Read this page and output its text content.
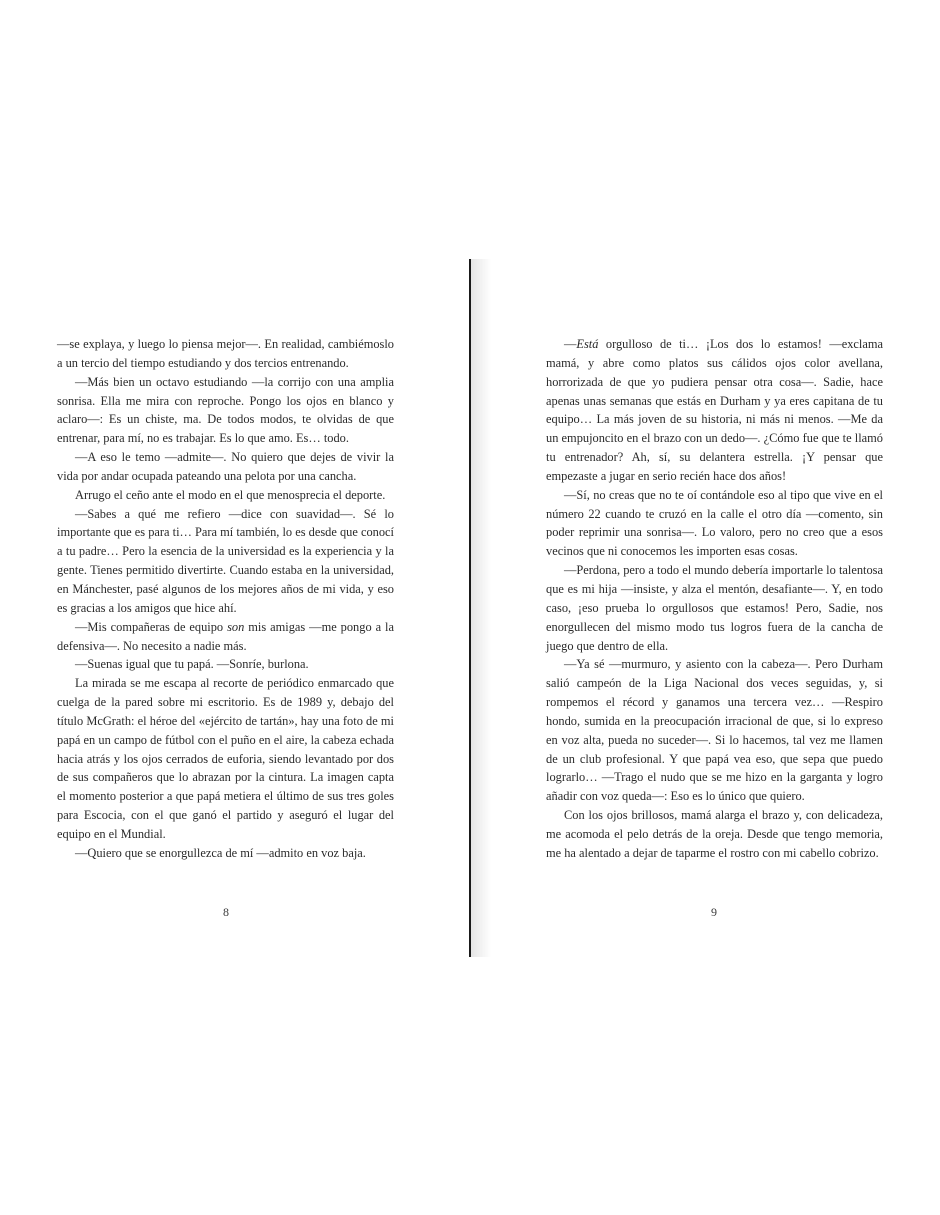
—se explaya, y luego lo piensa mejor—. En realidad, cambiémoslo a un tercio del tiempo estudiando y dos tercios entrenando.

—Más bien un octavo estudiando —la corrijo con una amplia sonrisa. Ella me mira con reproche. Pongo los ojos en blanco y aclaro—: Es un chiste, ma. De todos modos, te olvidas de que entrenar, para mí, no es trabajar. Es lo que amo. Es… todo.

—A eso le temo —admite—. No quiero que dejes de vivir la vida por andar ocupada pateando una pelota por una cancha.

Arrugo el ceño ante el modo en el que menosprecia el deporte.

—Sabes a qué me refiero —dice con suavidad—. Sé lo importante que es para ti… Para mí también, lo es desde que conocí a tu padre… Pero la esencia de la universidad es la experiencia y la gente. Tienes permitido divertirte. Cuando estaba en la universidad, en Mánchester, pasé algunos de los mejores años de mi vida, y eso es gracias a los amigos que hice ahí.

—Mis compañeras de equipo son mis amigas —me pongo a la defensiva—. No necesito a nadie más.

—Suenas igual que tu papá. —Sonríe, burlona.

La mirada se me escapa al recorte de periódico enmarcado que cuelga de la pared sobre mi escritorio. Es de 1989 y, debajo del título McGrath: el héroe del «ejército de tartán», hay una foto de mi papá en un campo de fútbol con el puño en el aire, la cabeza echada hacia atrás y los ojos cerrados de euforia, siendo levantado por dos de sus compañeros que lo abrazan por la cintura. La imagen capta el momento posterior a que papá metiera el último de sus tres goles para Escocia, con el que ganó el partido y aseguró el lugar del equipo en el Mundial.

—Quiero que se enorgullezca de mí —admito en voz baja.

—Está orgulloso de ti… ¡Los dos lo estamos! —exclama mamá, y abre como platos sus cálidos ojos color avellana, horrorizada de que yo pudiera pensar otra cosa—. Sadie, hace apenas unas semanas que estás en Durham y ya eres capitana de tu equipo… La más joven de su historia, ni más ni menos. —Me da un empujoncito en el brazo con un dedo—. ¿Cómo fue que te llamó tu entrenador? Ah, sí, su delantera estrella. ¡Y pensar que empezaste a jugar en serio recién hace dos años!

—Sí, no creas que no te oí contándole eso al tipo que vive en el número 22 cuando te cruzó en la calle el otro día —comento, sin poder reprimir una sonrisa—. Lo valoro, pero no creo que a esos vecinos que ni conocemos les importen esas cosas.

—Perdona, pero a todo el mundo debería importarle lo talentosa que es mi hija —insiste, y alza el mentón, desafiante—. Y, en todo caso, ¡eso prueba lo orgullosos que estamos! Pero, Sadie, nos enorgullecen del mismo modo tus logros fuera de la cancha de juego que dentro de ella.

—Ya sé —murmuro, y asiento con la cabeza—. Pero Durham salió campeón de la Liga Nacional dos veces seguidas, y, si rompemos el récord y ganamos una tercera vez… —Respiro hondo, sumida en la preocupación irracional de que, si lo expreso en voz alta, pueda no suceder—. Si lo hacemos, tal vez me llamen de un club profesional. Y que papá vea eso, que sepa que puedo lograrlo… —Trago el nudo que se me hizo en la garganta y logro añadir con voz queda—: Eso es lo único que quiero.

Con los ojos brillosos, mamá alarga el brazo y, con delicadeza, me acomoda el pelo detrás de la oreja. Desde que tengo memoria, me ha alentado a dejar de taparme el rostro con mi cabello cobrizo.

8	9
